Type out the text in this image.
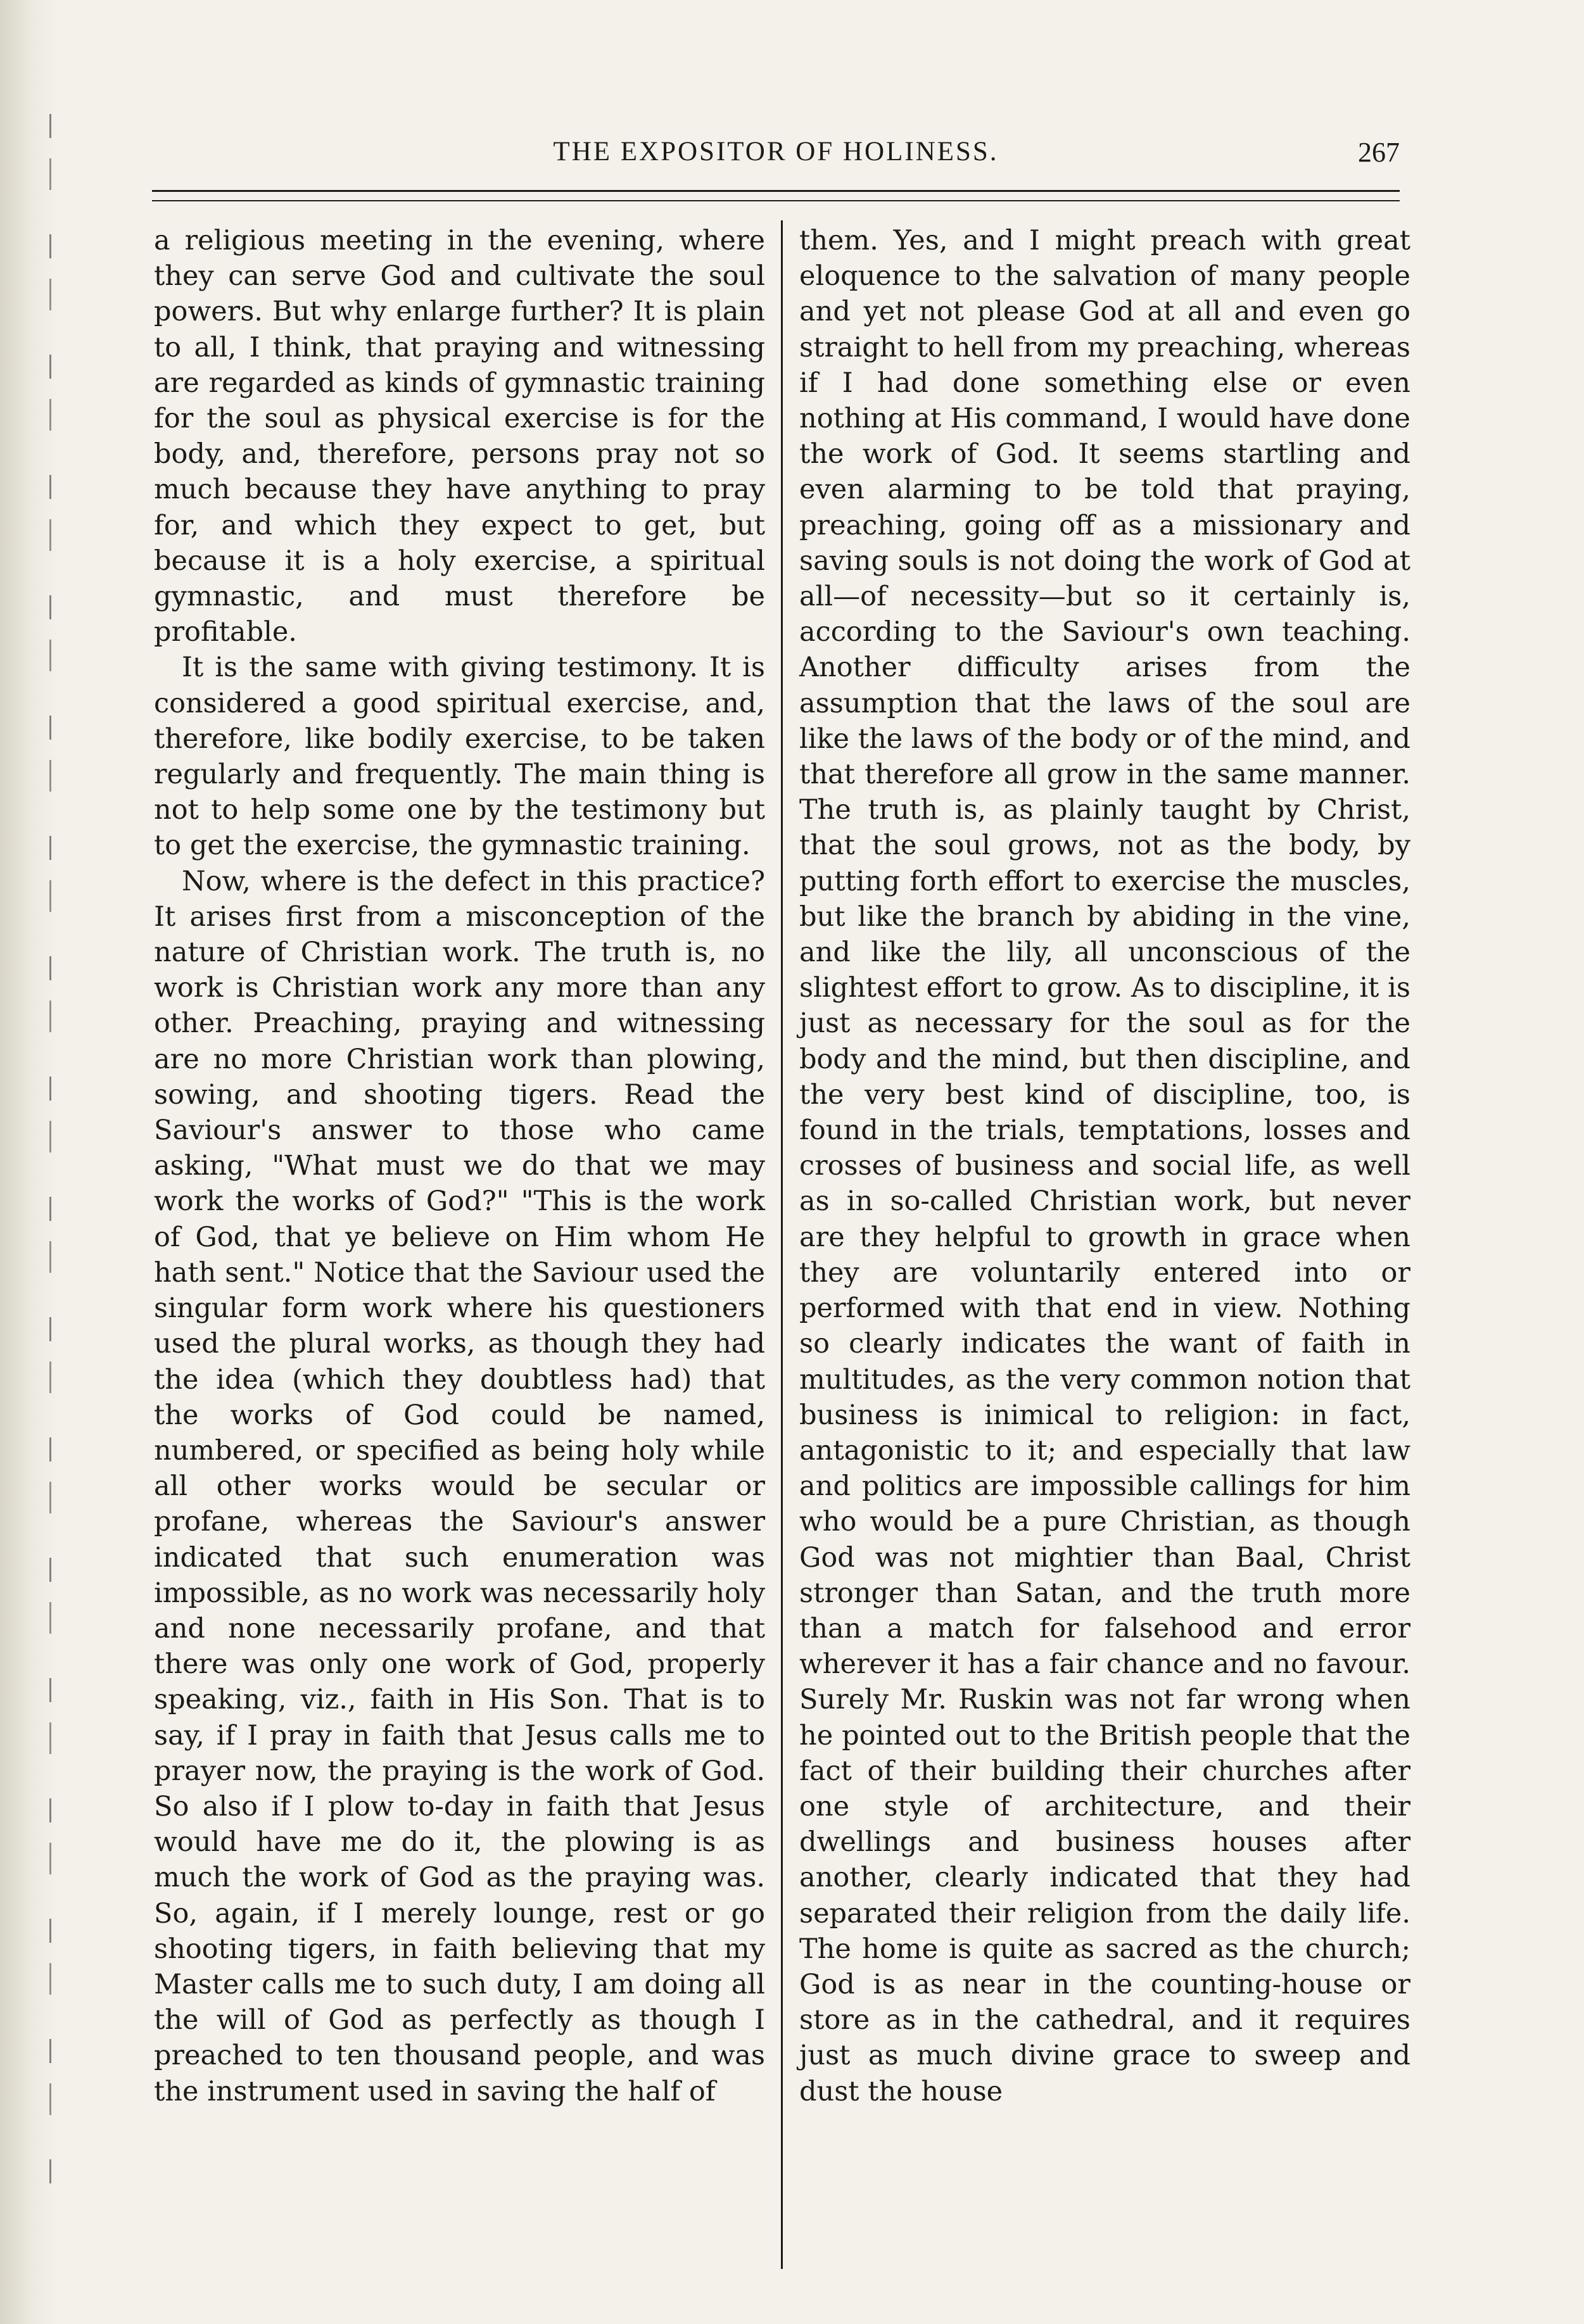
THE EXPOSITOR OF HOLINESS.	267

a religious meeting in the evening, where they can serve God and cultivate the soul powers. But why enlarge further? It is plain to all, I think, that praying and witnessing are regarded as kinds of gymnastic training for the soul as physical exercise is for the body, and, therefore, persons pray not so much because they have anything to pray for, and which they expect to get, but because it is a holy exercise, a spiritual gymnastic, and must therefore be profitable.

It is the same with giving testimony. It is considered a good spiritual exercise, and, therefore, like bodily exercise, to be taken regularly and frequently. The main thing is not to help some one by the testimony but to get the exercise, the gymnastic training.

Now, where is the defect in this practice? It arises first from a misconception of the nature of Christian work. The truth is, no work is Christian work any more than any other. Preaching, praying and witnessing are no more Christian work than plowing, sowing, and shooting tigers. Read the Saviour's answer to those who came asking, "What must we do that we may work the works of God?" "This is the work of God, that ye believe on Him whom He hath sent." Notice that the Saviour used the singular form work where his questioners used the plural works, as though they had the idea (which they doubtless had) that the works of God could be named, numbered, or specified as being holy while all other works would be secular or profane, whereas the Saviour's answer indicated that such enumeration was impossible, as no work was necessarily holy and none necessarily profane, and that there was only one work of God, properly speaking, viz., faith in His Son. That is to say, if I pray in faith that Jesus calls me to prayer now, the praying is the work of God. So also if I plow to-day in faith that Jesus would have me do it, the plowing is as much the work of God as the praying was. So, again, if I merely lounge, rest or go shooting tigers, in faith believing that my Master calls me to such duty, I am doing all the will of God as perfectly as though I preached to ten thousand people, and was the instrument used in saving the half of

them. Yes, and I might preach with great eloquence to the salvation of many people and yet not please God at all and even go straight to hell from my preaching, whereas if I had done something else or even nothing at His command, I would have done the work of God. It seems startling and even alarming to be told that praying, preaching, going off as a missionary and saving souls is not doing the work of God at all—of necessity—but so it certainly is, according to the Saviour's own teaching. Another difficulty arises from the assumption that the laws of the soul are like the laws of the body or of the mind, and that therefore all grow in the same manner. The truth is, as plainly taught by Christ, that the soul grows, not as the body, by putting forth effort to exercise the muscles, but like the branch by abiding in the vine, and like the lily, all unconscious of the slightest effort to grow. As to discipline, it is just as necessary for the soul as for the body and the mind, but then discipline, and the very best kind of discipline, too, is found in the trials, temptations, losses and crosses of business and social life, as well as in so-called Christian work, but never are they helpful to growth in grace when they are voluntarily entered into or performed with that end in view. Nothing so clearly indicates the want of faith in multitudes, as the very common notion that business is inimical to religion: in fact, antagonistic to it; and especially that law and politics are impossible callings for him who would be a pure Christian, as though God was not mightier than Baal, Christ stronger than Satan, and the truth more than a match for falsehood and error wherever it has a fair chance and no favour. Surely Mr. Ruskin was not far wrong when he pointed out to the British people that the fact of their building their churches after one style of architecture, and their dwellings and business houses after another, clearly indicated that they had separated their religion from the daily life. The home is quite as sacred as the church; God is as near in the counting-house or store as in the cathedral, and it requires just as much divine grace to sweep and dust the house
